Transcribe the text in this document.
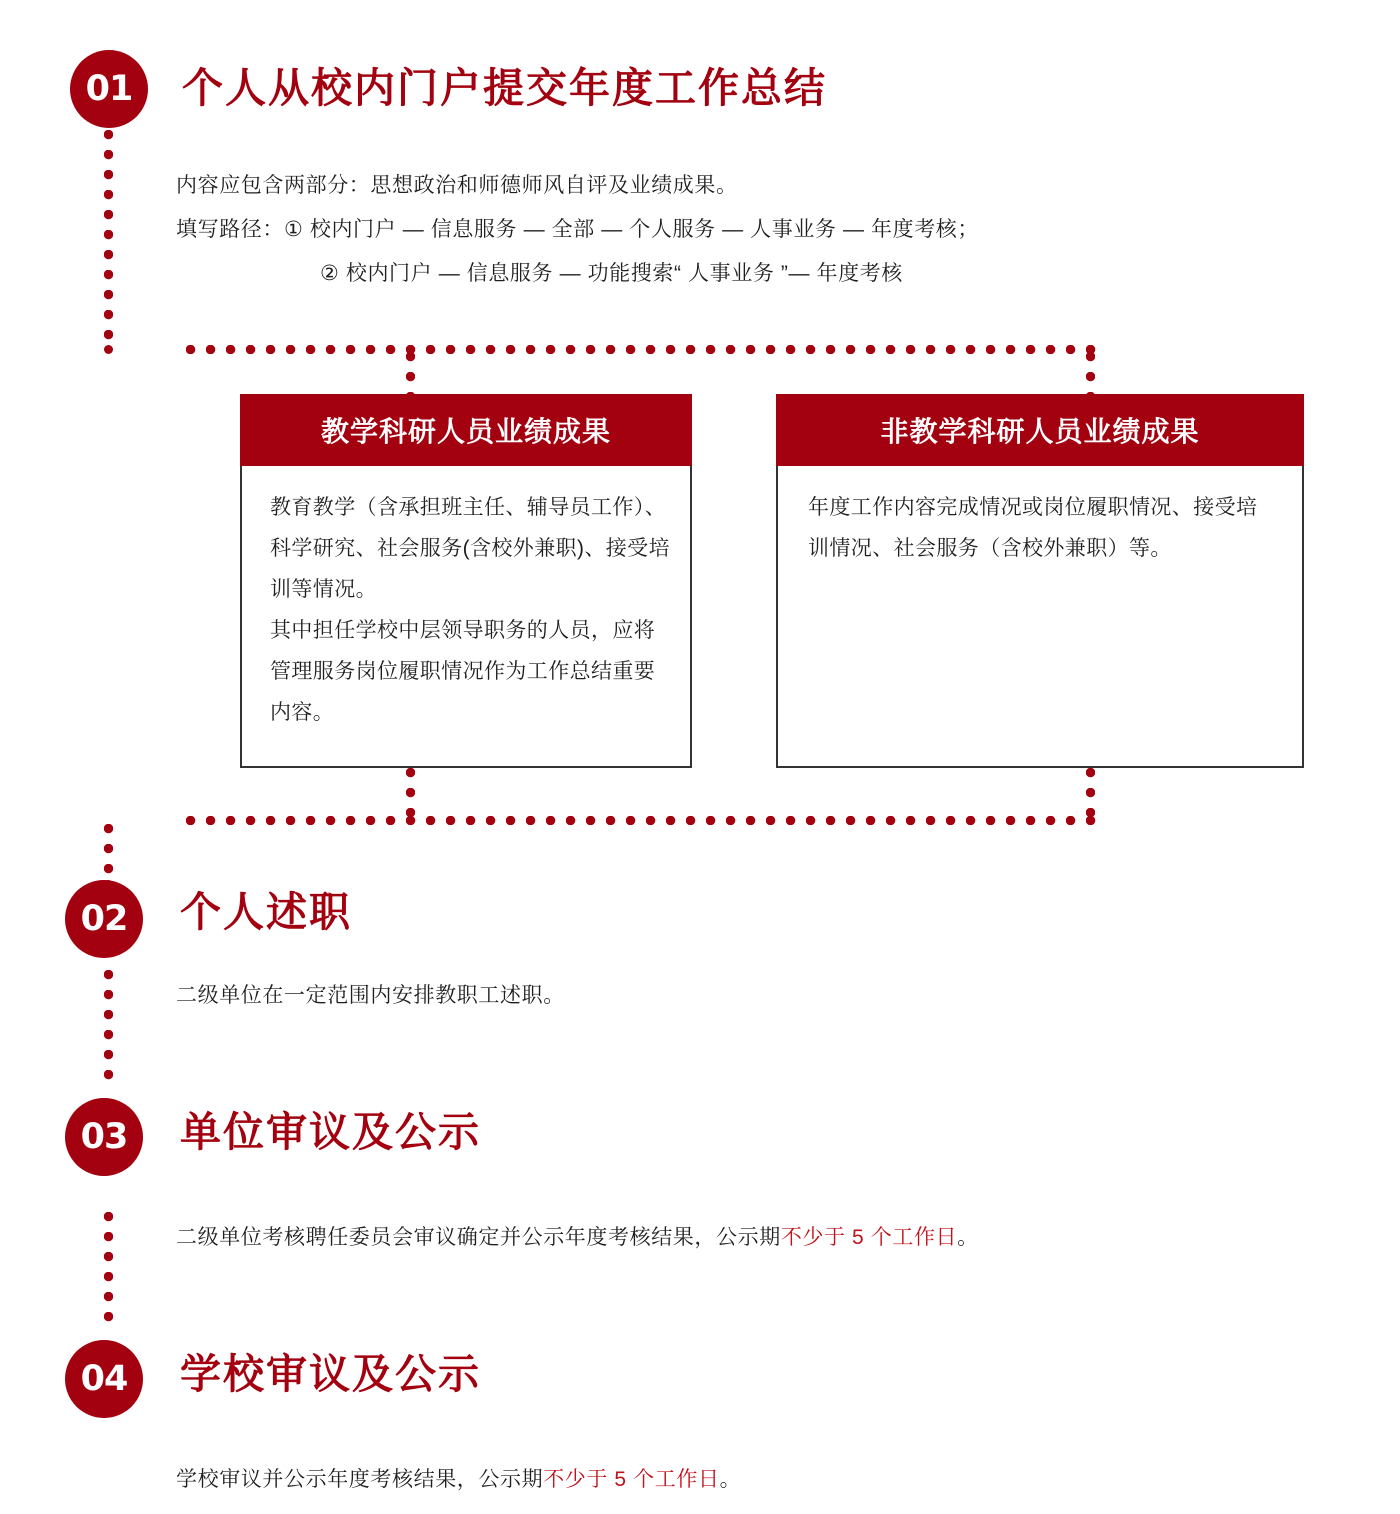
01	个人从校内门户提交年度工作总结
内容应包含两部分：思想政治和师德师风自评及业绩成果。
填写路径：① 校内门户 — 信息服务 — 全部 — 个人服务 — 人事业务 — 年度考核；
② 校内门户 — 信息服务 — 功能搜索“ 人事业务 ”— 年度考核
教学科研人员业绩成果

教育教学（含承担班主任、辅导员工作）、科学研究、社会服务(含校外兼职)、接受培训等情况。

其中担任学校中层领导职务的人员，应将管理服务岗位履职情况作为工作总结重要内容。

非教学科研人员业绩成果

年度工作内容完成情况或岗位履职情况、接受培训情况、社会服务（含校外兼职）等。

02	个人述职
二级单位在一定范围内安排教职工述职。
03	单位审议及公示
二级单位考核聘任委员会审议确定并公示年度考核结果，公示期不少于 5 个工作日。
04	学校审议及公示
学校审议并公示年度考核结果，公示期不少于 5 个工作日。
